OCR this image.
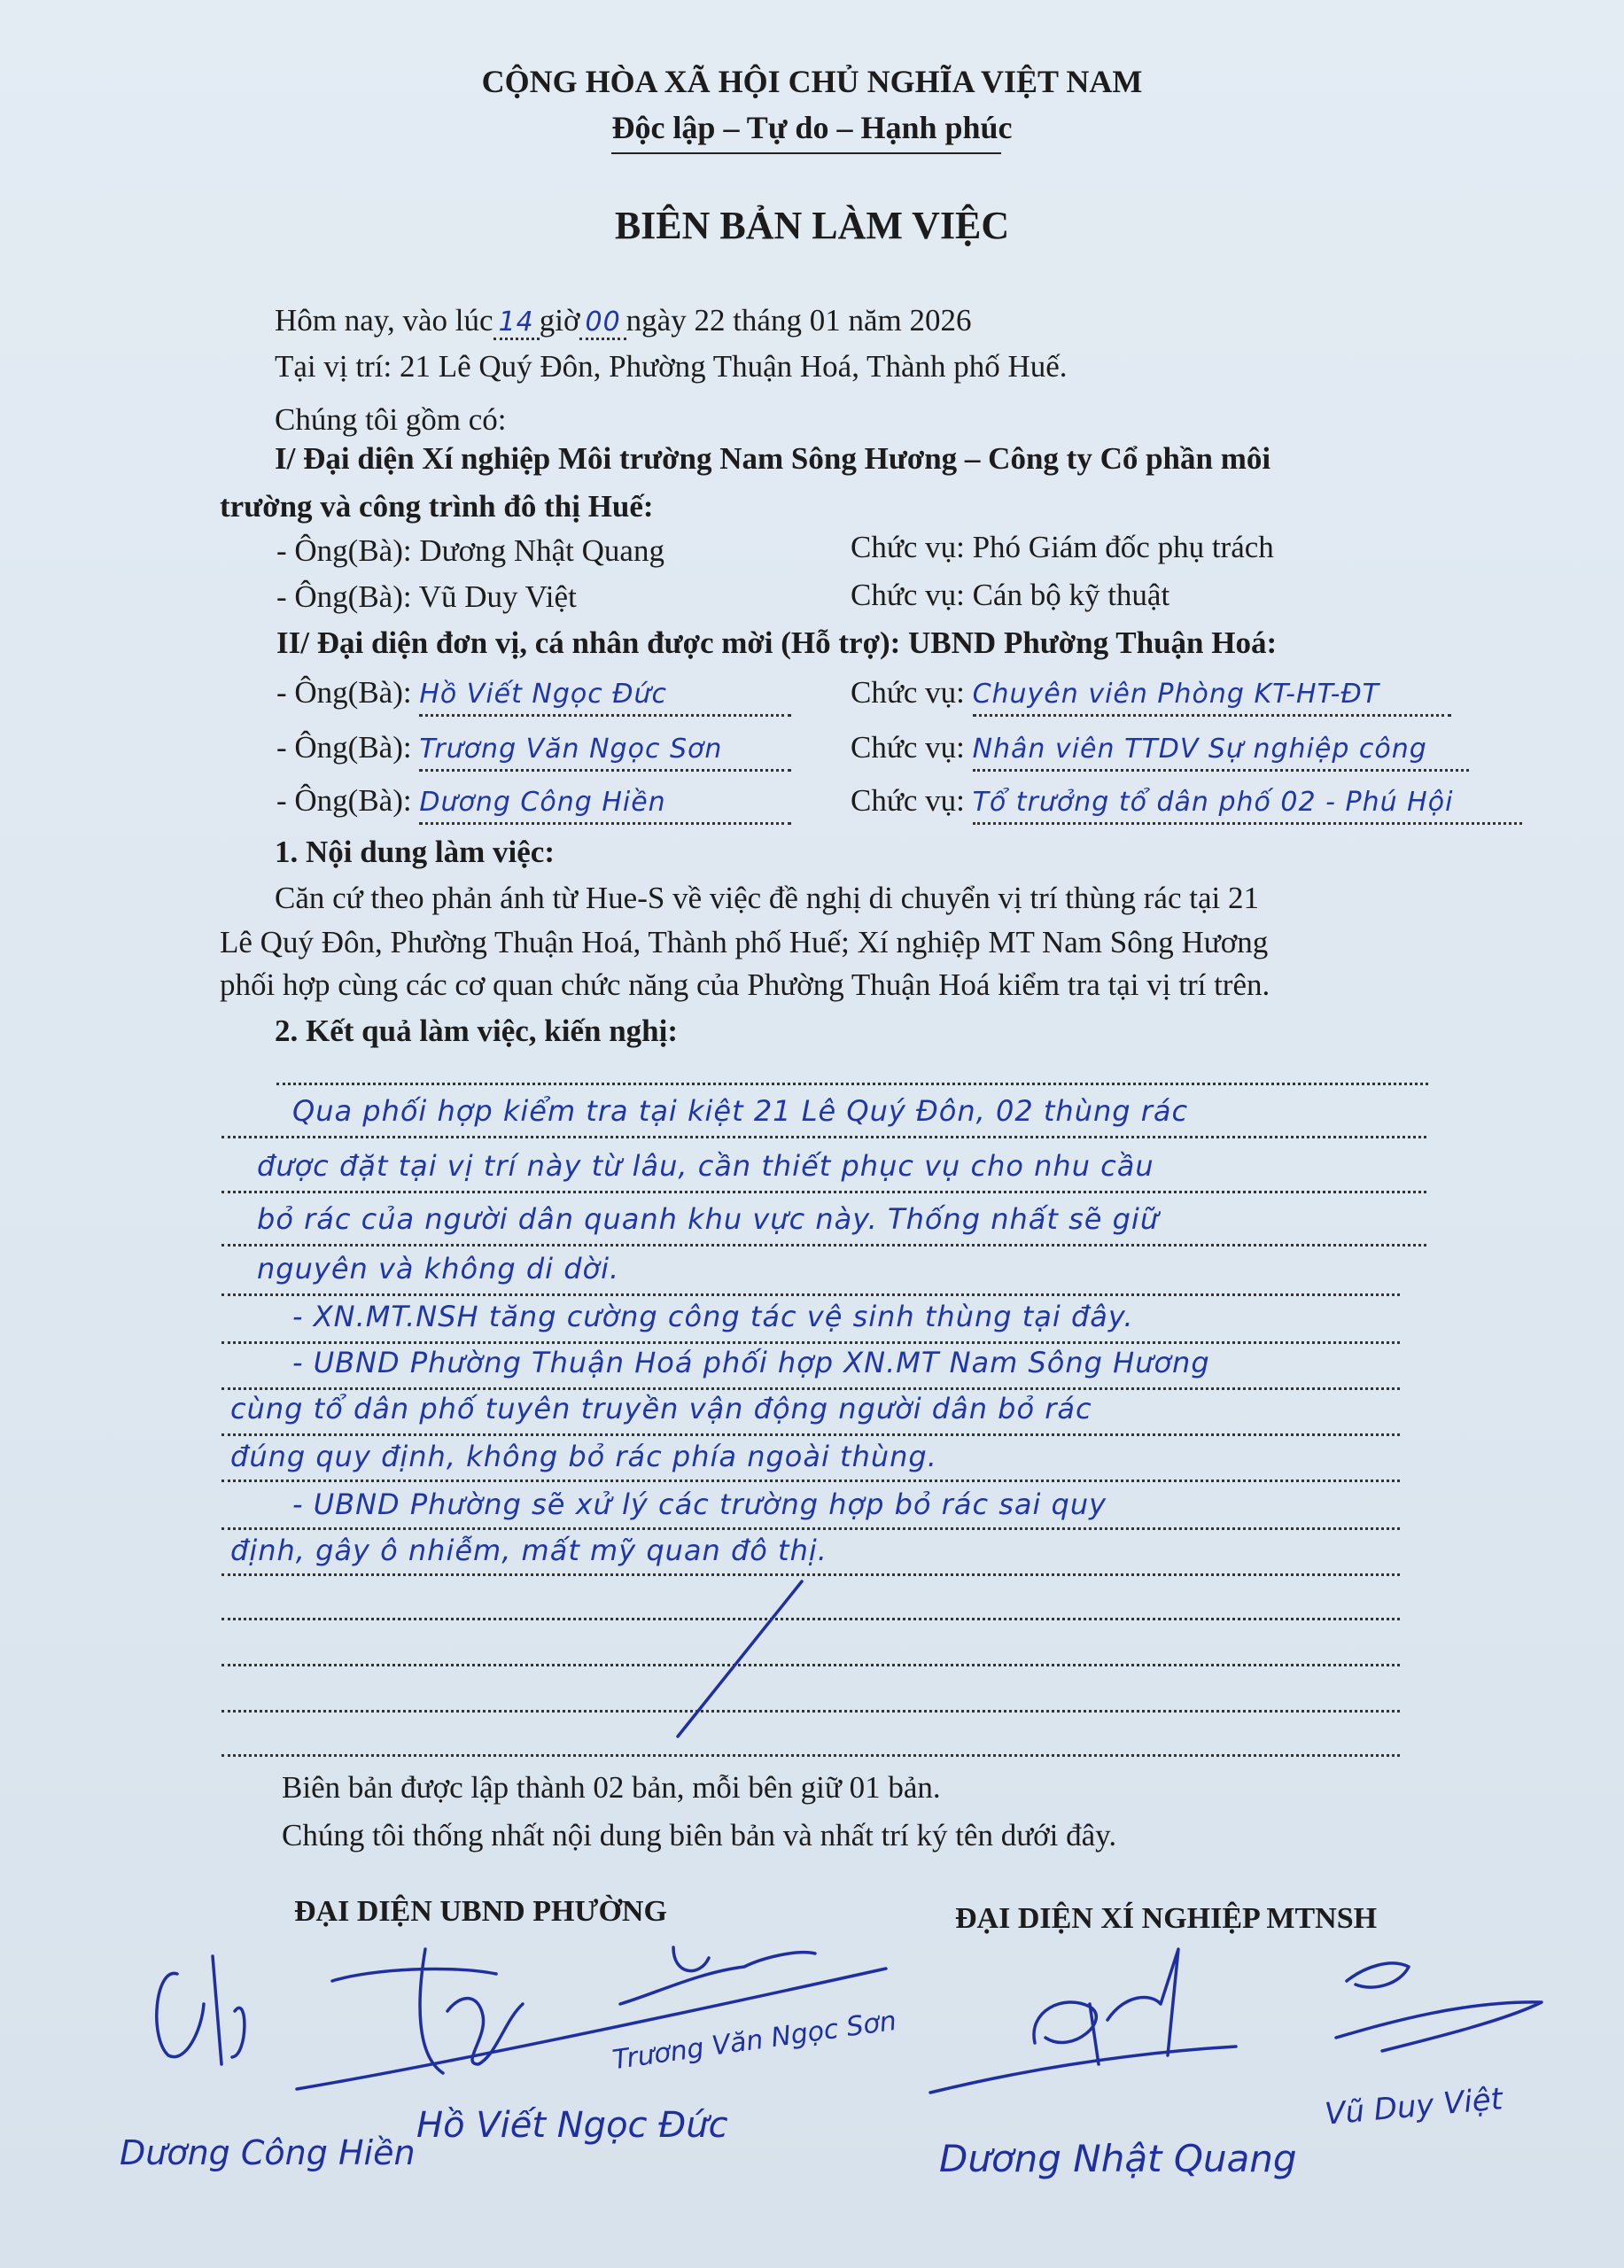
CỘNG HÒA XÃ HỘI CHỦ NGHĨA VIỆT NAM
Độc lập – Tự do – Hạnh phúc
BIÊN BẢN LÀM VIỆC
Hôm nay, vào lúc 14 giờ 00 ngày 22 tháng 01 năm 2026
Tại vị trí: 21 Lê Quý Đôn, Phường Thuận Hoá, Thành phố Huế.
Chúng tôi gồm có:
I/ Đại diện Xí nghiệp Môi trường Nam Sông Hương – Công ty Cổ phần môi
trường và công trình đô thị Huế:
- Ông(Bà): Dương Nhật Quang	Chức vụ: Phó Giám đốc phụ trách
- Ông(Bà): Vũ Duy Việt	Chức vụ: Cán bộ kỹ thuật
II/ Đại diện đơn vị, cá nhân được mời (Hỗ trợ): UBND Phường Thuận Hoá:
- Ông(Bà): Hồ Viết Ngọc Đức	Chức vụ: Chuyên viên Phòng KT-HT-ĐT
- Ông(Bà): Trương Văn Ngọc Sơn	Chức vụ: Nhân viên TTDV Sự nghiệp công
- Ông(Bà): Dương Công Hiền	Chức vụ: Tổ trưởng tổ dân phố 02 - Phú Hội
1. Nội dung làm việc:
Căn cứ theo phản ánh từ Hue-S về việc đề nghị di chuyển vị trí thùng rác tại 21
Lê Quý Đôn, Phường Thuận Hoá, Thành phố Huế; Xí nghiệp MT Nam Sông Hương
phối hợp cùng các cơ quan chức năng của Phường Thuận Hoá kiểm tra tại vị trí trên.
2. Kết quả làm việc, kiến nghị:
Qua phối hợp kiểm tra tại kiệt 21 Lê Quý Đôn, 02 thùng rác
được đặt tại vị trí này từ lâu, cần thiết phục vụ cho nhu cầu
bỏ rác của người dân quanh khu vực này. Thống nhất sẽ giữ
nguyên và không di dời.
- XN.MT.NSH tăng cường công tác vệ sinh thùng tại đây.
- UBND Phường Thuận Hoá phối hợp XN.MT Nam Sông Hương
cùng tổ dân phố tuyên truyền vận động người dân bỏ rác
đúng quy định, không bỏ rác phía ngoài thùng.
- UBND Phường sẽ xử lý các trường hợp bỏ rác sai quy
định, gây ô nhiễm, mất mỹ quan đô thị.
Biên bản được lập thành 02 bản, mỗi bên giữ 01 bản.
Chúng tôi thống nhất nội dung biên bản và nhất trí ký tên dưới đây.
ĐẠI DIỆN UBND PHƯỜNG	ĐẠI DIỆN XÍ NGHIỆP MTNSH
Trương Văn Ngọc Sơn
Dương Công Hiền
Hồ Viết Ngọc Đức
Dương Nhật Quang
Vũ Duy Việt
